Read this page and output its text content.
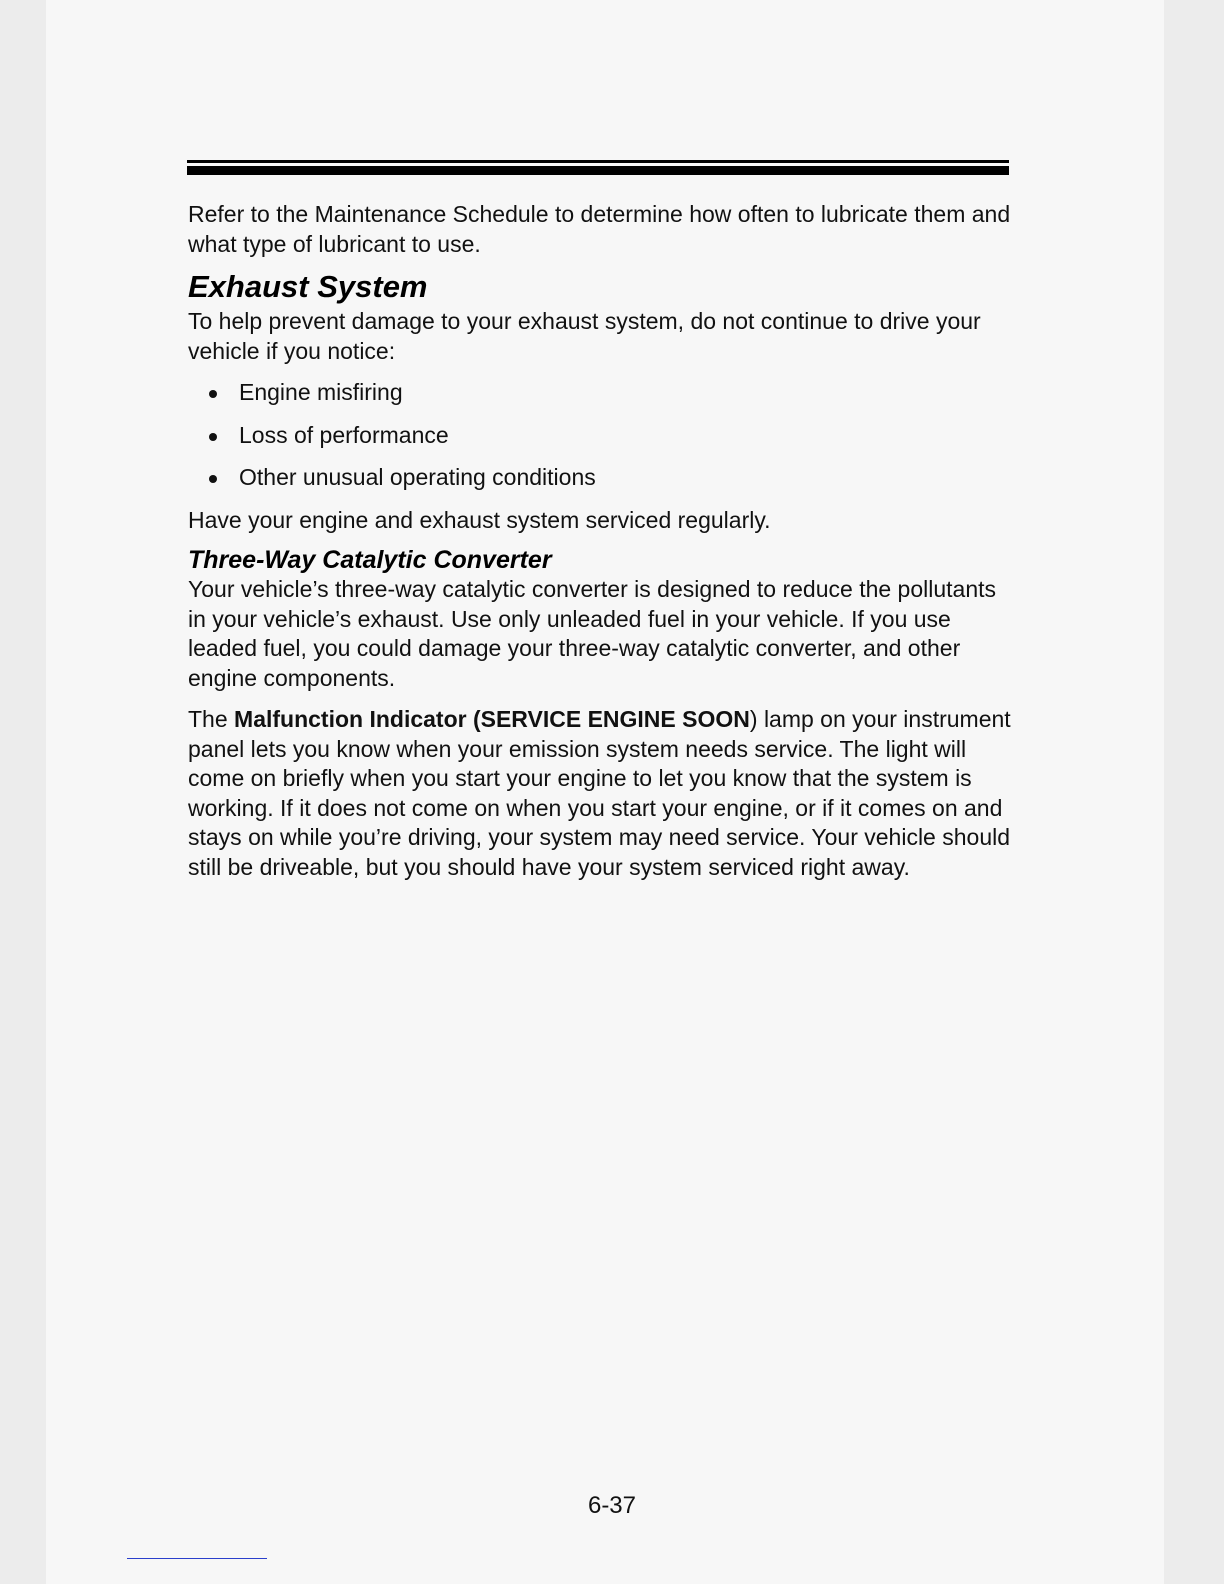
Refer to the Maintenance Schedule to determine how often to lubricate them and what type of lubricant to use.

Exhaust System

To help prevent damage to your exhaust system, do not continue to drive your vehicle if you notice:

Engine misfiring
Loss of performance
Other unusual operating conditions

Have your engine and exhaust system serviced regularly.

Three-Way Catalytic Converter

Your vehicle’s three-way catalytic converter is designed to reduce the pollutants in your vehicle’s exhaust. Use only unleaded fuel in your vehicle. If you use leaded fuel, you could damage your three-way catalytic converter, and other engine components.

The Malfunction Indicator (SERVICE ENGINE SOON) lamp on your instrument panel lets you know when your emission system needs service. The light will come on briefly when you start your engine to let you know that the system is working. If it does not come on when you start your engine, or if it comes on and stays on while you’re driving, your system may need service. Your vehicle should still be driveable, but you should have your system serviced right away.

6-37
